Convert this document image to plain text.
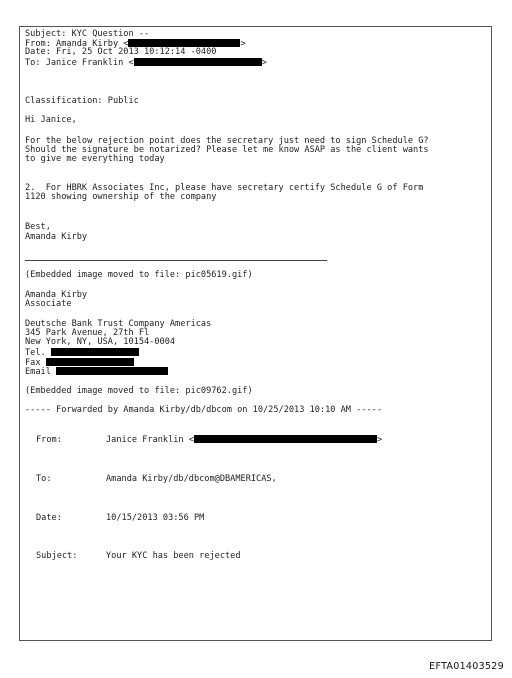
Subject: KYC Question --
From: Amanda Kirby <	>
Date: Fri, 25 Oct 2013 10:12:14 -0400
To: Janice Franklin <	>
Classification: Public
Hi Janice,
For the below rejection point does the secretary just need to sign Schedule G?
Should the signature be notarized? Please let me know ASAP as the client wants
to give me everything today
2.  For HBRK Associates Inc, please have secretary certify Schedule G of Form
1120 showing ownership of the company
Best,
Amanda Kirby
(Embedded image moved to file: pic05619.gif)
Amanda Kirby
Associate
Deutsche Bank Trust Company Americas
345 Park Avenue, 27th Fl
New York, NY, USA, 10154-0004
Tel.
Fax
Email
(Embedded image moved to file: pic09762.gif)
----- Forwarded by Amanda Kirby/db/dbcom on 10/25/2013 10:10 AM -----
From:	Janice Franklin <	>
To:	Amanda Kirby/db/dbcom@DBAMERICAS,
Date:	10/15/2013 03:56 PM
Subject:	Your KYC has been rejected
EFTA01403529
